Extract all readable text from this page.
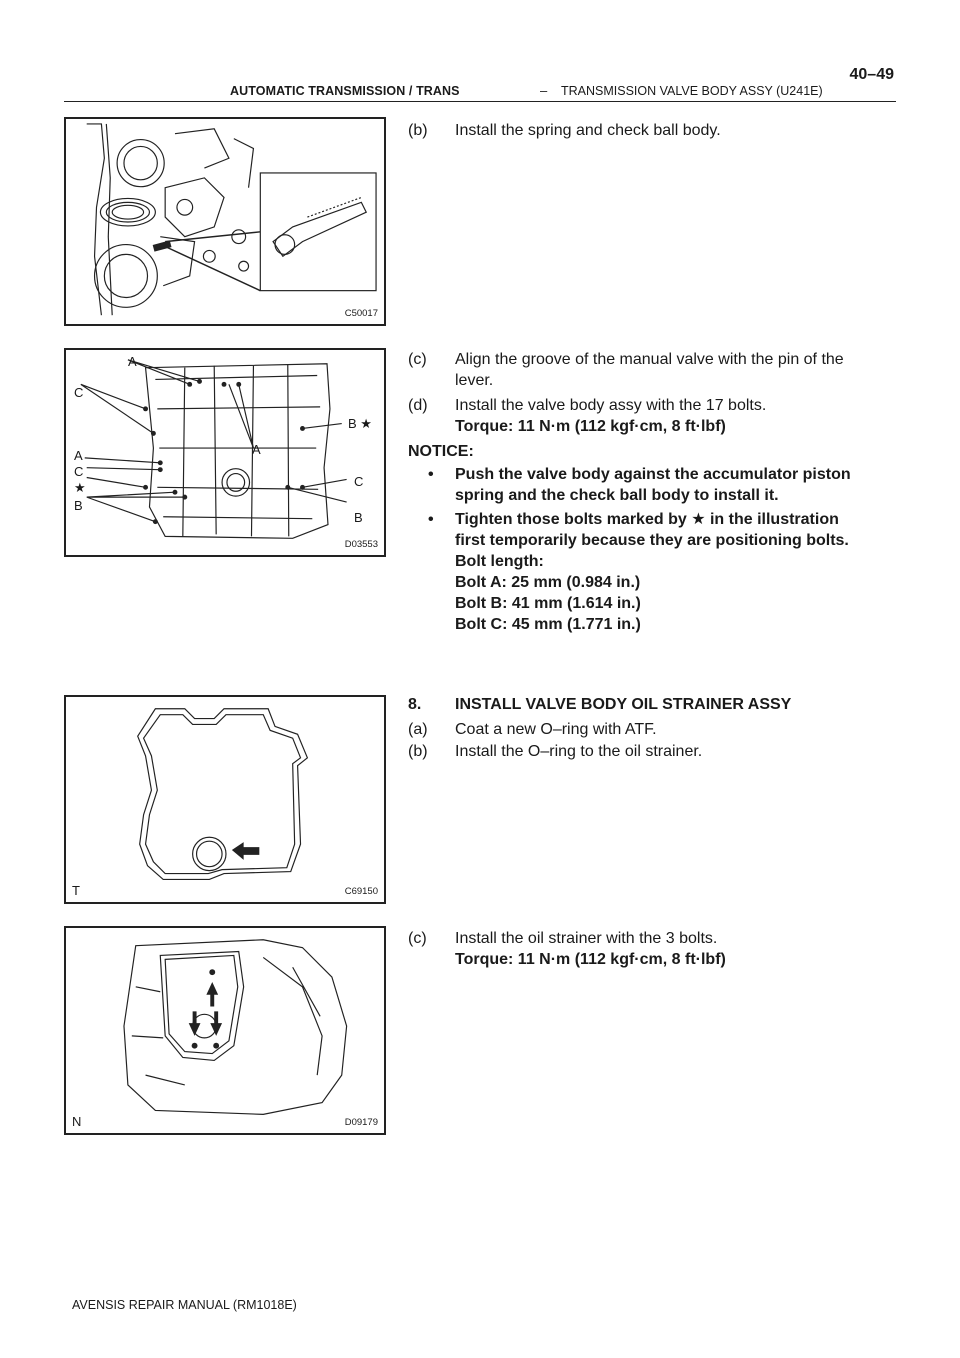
AUTOMATIC TRANSMISSION / TRANS	– TRANSMISSION VALVE BODY ASSY (U241E)
40–49
C50017
A
C
A
B ★
A
C
★	C
B
B
D03553
T	C69150
N	D09179
(b) Install the spring and check ball body.
(c) Align the groove of the manual valve with the pin of the
lever.
(d) Install the valve body assy with the 17 bolts.
Torque: 11 N·m (112 kgf·cm, 8 ft·lbf)
NOTICE:
•	Push the valve body against the accumulator piston
spring and the check ball body to install it.
•	Tighten those bolts marked by ★ in the illustration
first temporarily because they are positioning bolts.
Bolt length:
Bolt A: 25 mm (0.984 in.)
Bolt B: 41 mm (1.614 in.)
Bolt C: 45 mm (1.771 in.)
8. INSTALL VALVE BODY OIL STRAINER ASSY
(a) Coat a new O–ring with ATF.
(b) Install the O–ring to the oil strainer.
(c) Install the oil strainer with the 3 bolts.
Torque: 11 N·m (112 kgf·cm, 8 ft·lbf)
AVENSIS REPAIR MANUAL (RM1018E)
